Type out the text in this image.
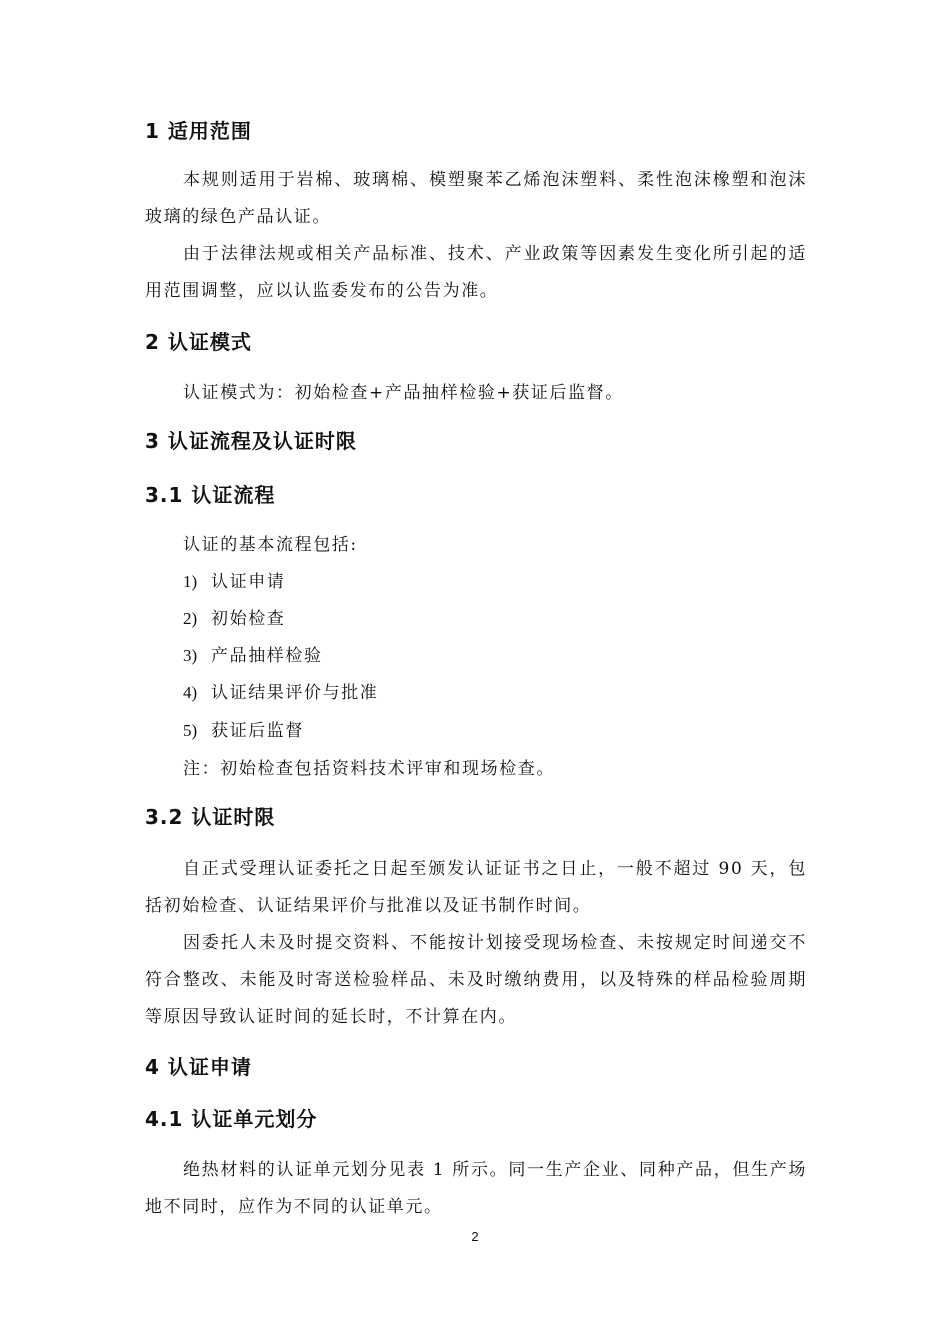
1 适用范围
本规则适用于岩棉、玻璃棉、模塑聚苯乙烯泡沫塑料、柔性泡沫橡塑和泡沫玻璃的绿色产品认证。
由于法律法规或相关产品标准、技术、产业政策等因素发生变化所引起的适用范围调整，应以认监委发布的公告为准。
2 认证模式
认证模式为：初始检查+产品抽样检验+获证后监督。
3 认证流程及认证时限
3.1 认证流程
认证的基本流程包括:
1) 认证申请
2) 初始检查
3) 产品抽样检验
4) 认证结果评价与批准
5) 获证后监督
注：初始检查包括资料技术评审和现场检查。
3.2 认证时限
自正式受理认证委托之日起至颁发认证证书之日止，一般不超过 90 天，包括初始检查、认证结果评价与批准以及证书制作时间。
因委托人未及时提交资料、不能按计划接受现场检查、未按规定时间递交不符合整改、未能及时寄送检验样品、未及时缴纳费用，以及特殊的样品检验周期等原因导致认证时间的延长时，不计算在内。
4 认证申请
4.1 认证单元划分
绝热材料的认证单元划分见表 1 所示。同一生产企业、同种产品，但生产场地不同时，应作为不同的认证单元。
2
